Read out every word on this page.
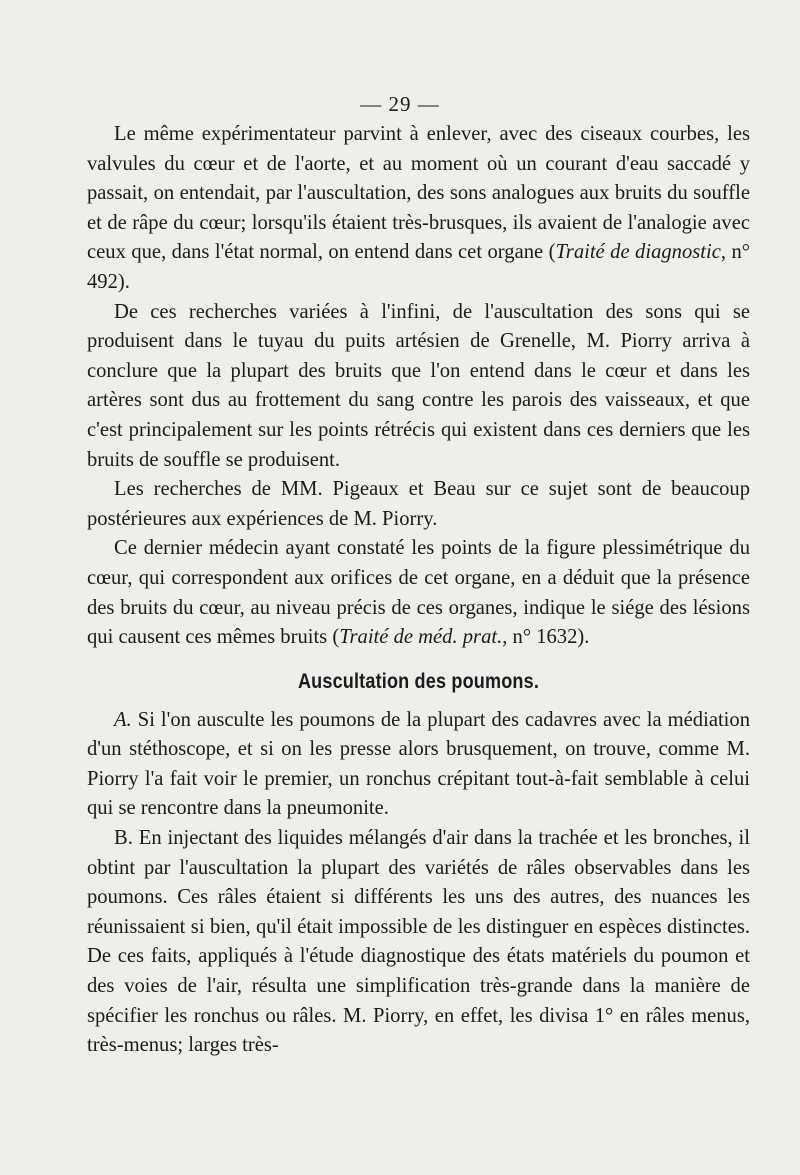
— 29 —

Le même expérimentateur parvint à enlever, avec des ciseaux courbes, les valvules du cœur et de l'aorte, et au moment où un courant d'eau saccadé y passait, on entendait, par l'auscultation, des sons analogues aux bruits du souffle et de râpe du cœur; lorsqu'ils étaient très-brusques, ils avaient de l'analogie avec ceux que, dans l'état normal, on entend dans cet organe (Traité de diagnostic, n° 492).

De ces recherches variées à l'infini, de l'auscultation des sons qui se produisent dans le tuyau du puits artésien de Grenelle, M. Piorry arriva à conclure que la plupart des bruits que l'on entend dans le cœur et dans les artères sont dus au frottement du sang contre les parois des vaisseaux, et que c'est principalement sur les points rétrécis qui existent dans ces derniers que les bruits de souffle se produisent.

Les recherches de MM. Pigeaux et Beau sur ce sujet sont de beaucoup postérieures aux expériences de M. Piorry.

Ce dernier médecin ayant constaté les points de la figure plessimétrique du cœur, qui correspondent aux orifices de cet organe, en a déduit que la présence des bruits du cœur, au niveau précis de ces organes, indique le siége des lésions qui causent ces mêmes bruits (Traité de méd. prat., n° 1632).

Auscultation des poumons.

A. Si l'on ausculte les poumons de la plupart des cadavres avec la médiation d'un stéthoscope, et si on les presse alors brusquement, on trouve, comme M. Piorry l'a fait voir le premier, un ronchus crépitant tout-à-fait semblable à celui qui se rencontre dans la pneumonite.

B. En injectant des liquides mélangés d'air dans la trachée et les bronches, il obtint par l'auscultation la plupart des variétés de râles observables dans les poumons. Ces râles étaient si différents les uns des autres, des nuances les réunissaient si bien, qu'il était impossible de les distinguer en espèces distinctes. De ces faits, appliqués à l'étude diagnostique des états matériels du poumon et des voies de l'air, résulta une simplification très-grande dans la manière de spécifier les ronchus ou râles. M. Piorry, en effet, les divisa 1° en râles menus, très-menus; larges très-
